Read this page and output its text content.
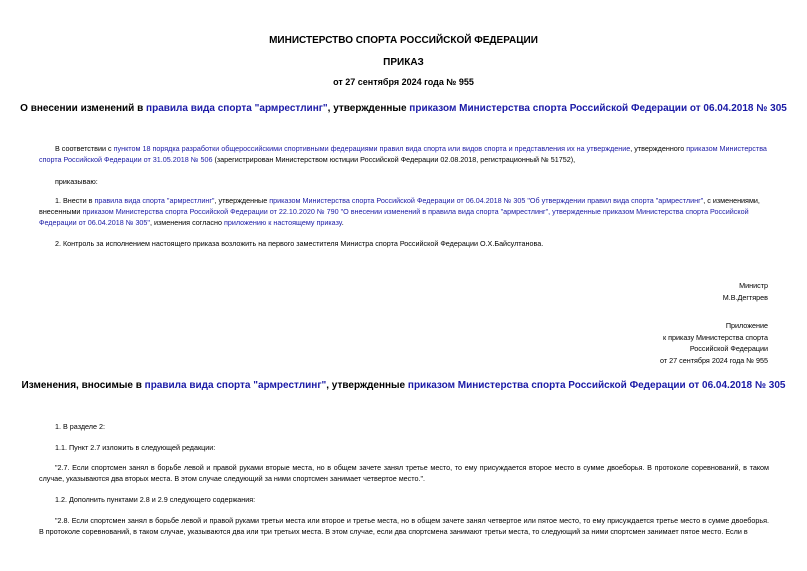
МИНИСТЕРСТВО СПОРТА РОССИЙСКОЙ ФЕДЕРАЦИИ
ПРИКАЗ
от 27 сентября 2024 года № 955
О внесении изменений в правила вида спорта "армрестлинг", утвержденные приказом Министерства спорта Российской Федерации от 06.04.2018 № 305
В соответствии с пунктом 18 порядка разработки общероссийскими спортивными федерациями правил вида спорта или видов спорта и представления их на утверждение, утвержденного приказом Министерства спорта Российской Федерации от 31.05.2018 № 506 (зарегистрирован Министерством юстиции Российской Федерации 02.08.2018, регистрационный № 51752),
приказываю:
1. Внести в правила вида спорта "армрестлинг", утвержденные приказом Министерства спорта Российской Федерации от 06.04.2018 № 305 "Об утверждении правил вида спорта "армрестлинг", с изменениями, внесенными приказом Министерства спорта Российской Федерации от 22.10.2020 № 790 "О внесении изменений в правила вида спорта "армрестлинг", утвержденные приказом Министерства спорта Российской Федерации от 06.04.2018 № 305", изменения согласно приложению к настоящему приказу.
2. Контроль за исполнением настоящего приказа возложить на первого заместителя Министра спорта Российской Федерации О.Х.Байсултанова.
Министр
М.В.Дегтярев
Приложение
к приказу Министерства спорта
Российской Федерации
от 27 сентября 2024 года № 955
Изменения, вносимые в правила вида спорта "армрестлинг", утвержденные приказом Министерства спорта Российской Федерации от 06.04.2018 № 305
1. В разделе 2:
1.1. Пункт 2.7 изложить в следующей редакции:
"2.7. Если спортсмен занял в борьбе левой и правой руками вторые места, но в общем зачете занял третье место, то ему присуждается второе место в сумме двоеборья. В протоколе соревнований, в таком случае, указываются два вторых места. В этом случае следующий за ними спортсмен занимает четвертое место.".
1.2. Дополнить пунктами 2.8 и 2.9 следующего содержания:
"2.8. Если спортсмен занял в борьбе левой и правой руками третьи места или второе и третье места, но в общем зачете занял четвертое или пятое место, то ему присуждается третье место в сумме двоеборья. В протоколе соревнований, в таком случае, указываются два или три третьих места. В этом случае, если два спортсмена занимают третьи места, то следующий за ними спортсмен занимает пятое место. Если в
